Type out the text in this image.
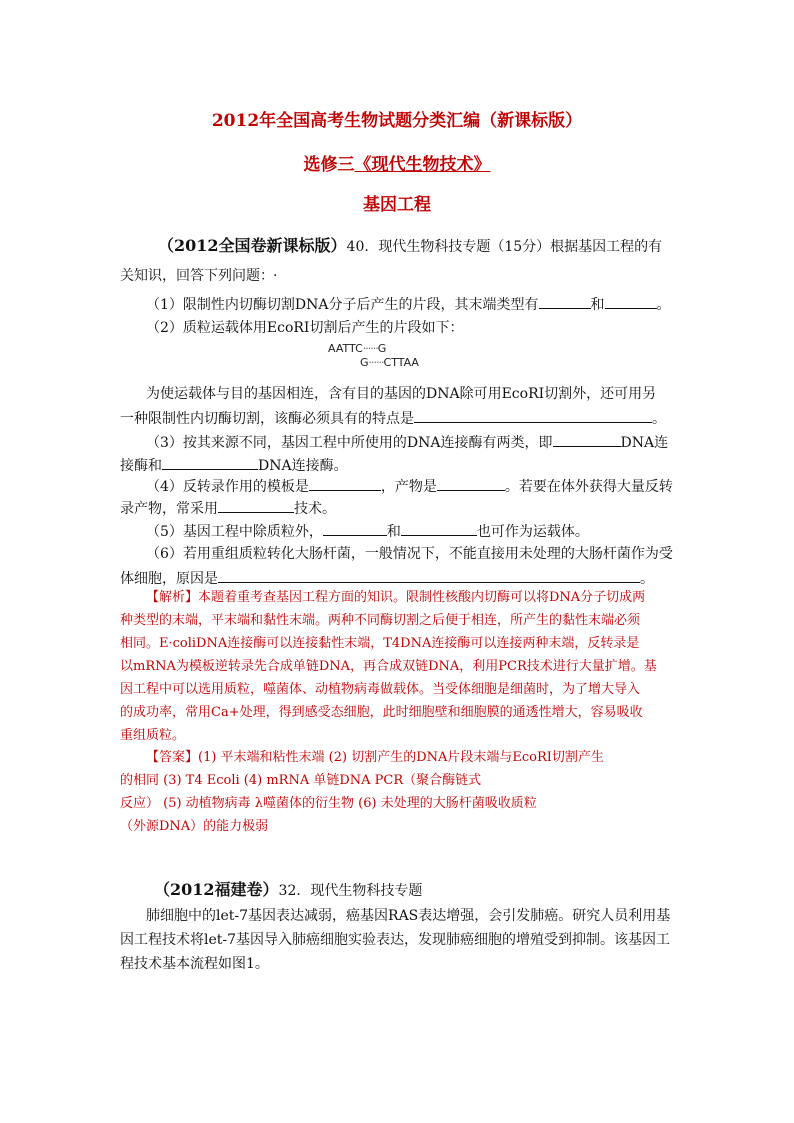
2012年全国高考生物试题分类汇编（新课标版）
选修三《现代生物技术》
基因工程
（2012全国卷新课标版）40．现代生物科技专题（15分）根据基因工程的有
关知识，回答下列问题： ·
（1）限制性内切酶切割DNA分子后产生的片段，其末端类型有	和	。
（2）质粒运载体用EcoRⅠ切割后产生的片段如下：
AATTC······G
G······CTTAA
为使运载体与目的基因相连，含有目的基因的DNA除可用EcoRⅠ切割外，还可用另
一种限制性内切酶切割，该酶必须具有的特点是	。
（3）按其来源不同，基因工程中所使用的DNA连接酶有两类，即	DNA连
接酶和	DNA连接酶。
（4）反转录作用的模板是	，产物是	。若要在体外获得大量反转
录产物，常采用	技术。
（5）基因工程中除质粒外，	和	也可作为运载体。
（6）若用重组质粒转化大肠杆菌，一般情况下，不能直接用未处理的大肠杆菌作为受
体细胞，原因是	。
【解析】本题着重考查基因工程方面的知识。限制性核酸内切酶可以将DNA分子切成两
种类型的末端，平末端和黏性末端。两种不同酶切割之后便于相连，所产生的黏性末端必须
相同。E·coliDNA连接酶可以连接黏性末端，T4DNA连接酶可以连接两种末端，反转录是
以mRNA为模板逆转录先合成单链DNA，再合成双链DNA，利用PCR技术进行大量扩增。基
因工程中可以选用质粒，噬菌体、动植物病毒做载体。当受体细胞是细菌时，为了增大导入
的成功率，常用Ca+处理，得到感受态细胞，此时细胞壁和细胞膜的通透性增大，容易吸收
重组质粒。
【答案】(1) 平末端和粘性末端 (2) 切割产生的DNA片段末端与EcoRⅠ切割产生
的相同 (3) T4 Ecoli (4) mRNA 单链DNA PCR（聚合酶链式
反应） (5) 动植物病毒 λ噬菌体的衍生物 (6) 未处理的大肠杆菌吸收质粒
（外源DNA）的能力极弱
（2012福建卷）32．现代生物科技专题
肺细胞中的let-7基因表达减弱，癌基因RAS表达增强，会引发肺癌。研究人员利用基
因工程技术将let-7基因导入肺癌细胞实验表达，发现肺癌细胞的增殖受到抑制。该基因工
程技术基本流程如图1。
